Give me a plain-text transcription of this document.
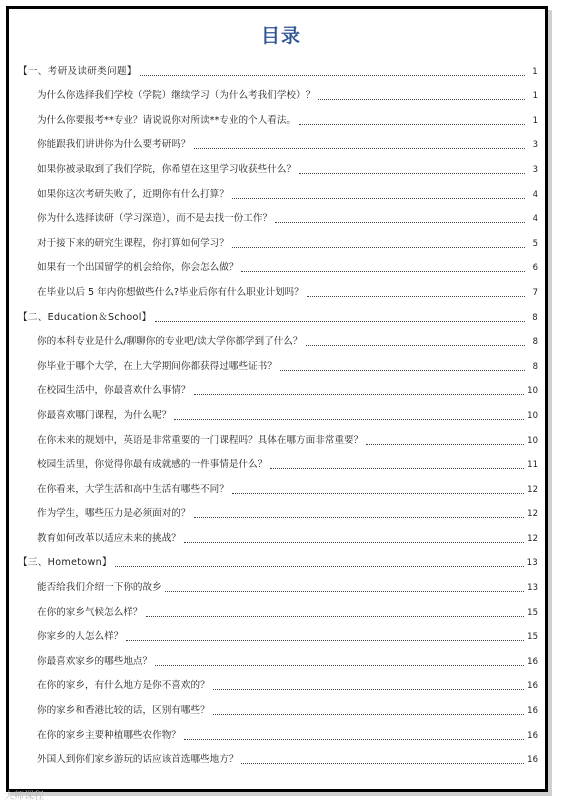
目录
【一、考研及读研类问题】	1
为什么你选择我们学校（学院）继续学习（为什么考我们学校）？	1
为什么你要报考**专业？请说说你对所读**专业的个人看法。	1
你能跟我们讲讲你为什么要考研吗？	3
如果你被录取到了我们学院，你希望在这里学习收获些什么？	3
如果你这次考研失败了，近期你有什么打算？	4
你为什么选择读研（学习深造），而不是去找一份工作？	4
对于接下来的研究生课程，你打算如何学习？	5
如果有一个出国留学的机会给你，你会怎么做？	6
在毕业以后 5 年内你想做些什么?毕业后你有什么职业计划吗？	7
【二、Education＆School】	8
你的本科专业是什么/聊聊你的专业吧/读大学你都学到了什么？	8
你毕业于哪个大学，在上大学期间你都获得过哪些证书？	8
在校园生活中，你最喜欢什么事情？	10
你最喜欢哪门课程，为什么呢？	10
在你未来的规划中，英语是非常重要的一门课程吗？具体在哪方面非常重要？	10
校园生活里，你觉得你最有成就感的一件事情是什么？	11
在你看来，大学生活和高中生活有哪些不同？	12
作为学生，哪些压力是必须面对的？	12
教育如何改革以适应未来的挑战？	12
【三、Hometown】	13
能否给我们介绍一下你的故乡	13
在你的家乡气候怎么样？	15
你家乡的人怎么样？	15
你最喜欢家乡的哪些地点？	16
在你的家乡，有什么地方是你不喜欢的？	16
你的家乡和香港比较的话，区别有哪些？	16
在你的家乡主要种植哪些农作物？	16
外国人到你们家乡游玩的话应该首选哪些地方？	16
大师课程
